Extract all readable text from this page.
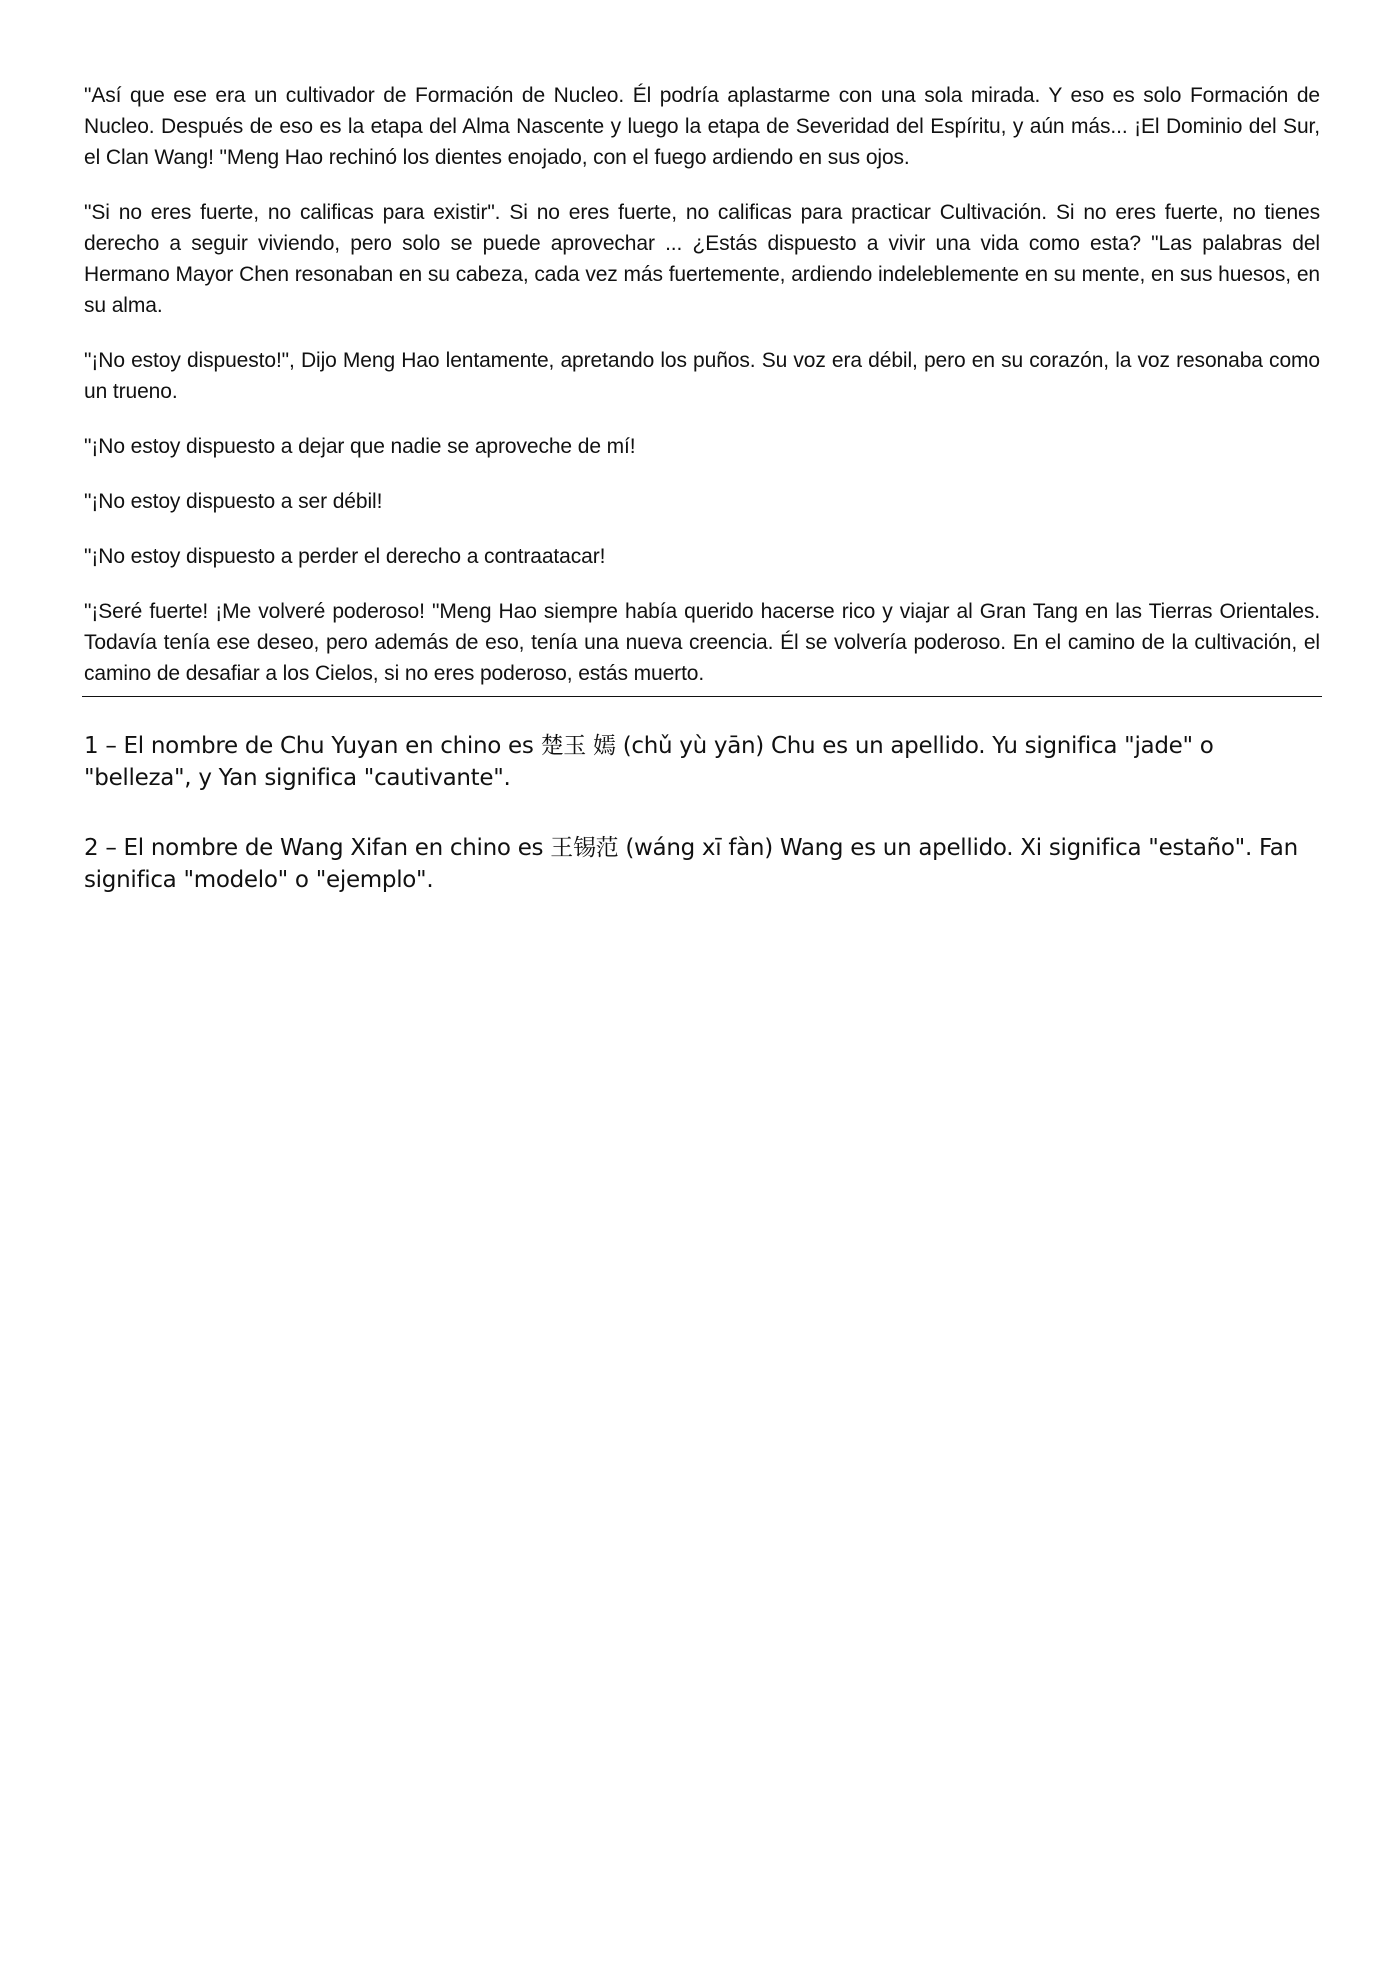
"Así que ese era un cultivador de Formación de Nucleo. Él podría aplastarme con una sola mirada. Y eso es solo Formación de Nucleo. Después de eso es la etapa del Alma Nascente y luego la etapa de Severidad del Espíritu, y aún más... ¡El Dominio del Sur, el Clan Wang! "Meng Hao rechinó los dientes enojado, con el fuego ardiendo en sus ojos.

"Si no eres fuerte, no calificas para existir". Si no eres fuerte, no calificas para practicar Cultivación. Si no eres fuerte, no tienes derecho a seguir viviendo, pero solo se puede aprovechar ... ¿Estás dispuesto a vivir una vida como esta? "Las palabras del Hermano Mayor Chen resonaban en su cabeza, cada vez más fuertemente, ardiendo indeleblemente en su mente, en sus huesos, en su alma.

"¡No estoy dispuesto!", Dijo Meng Hao lentamente, apretando los puños. Su voz era débil, pero en su corazón, la voz resonaba como un trueno.

"¡No estoy dispuesto a dejar que nadie se aproveche de mí!

"¡No estoy dispuesto a ser débil!

"¡No estoy dispuesto a perder el derecho a contraatacar!

"¡Seré fuerte! ¡Me volveré poderoso! "Meng Hao siempre había querido hacerse rico y viajar al Gran Tang en las Tierras Orientales. Todavía tenía ese deseo, pero además de eso, tenía una nueva creencia. Él se volvería poderoso. En el camino de la cultivación, el camino de desafiar a los Cielos, si no eres poderoso, estás muerto.

1 – El nombre de Chu Yuyan en chino es 楚玉 嫣 (chǔ yù yān) Chu es un apellido. Yu significa "jade" o "belleza", y Yan significa "cautivante".

2 – El nombre de Wang Xifan en chino es 王锡范 (wáng xī fàn) Wang es un apellido. Xi significa "estaño". Fan significa "modelo" o "ejemplo".
